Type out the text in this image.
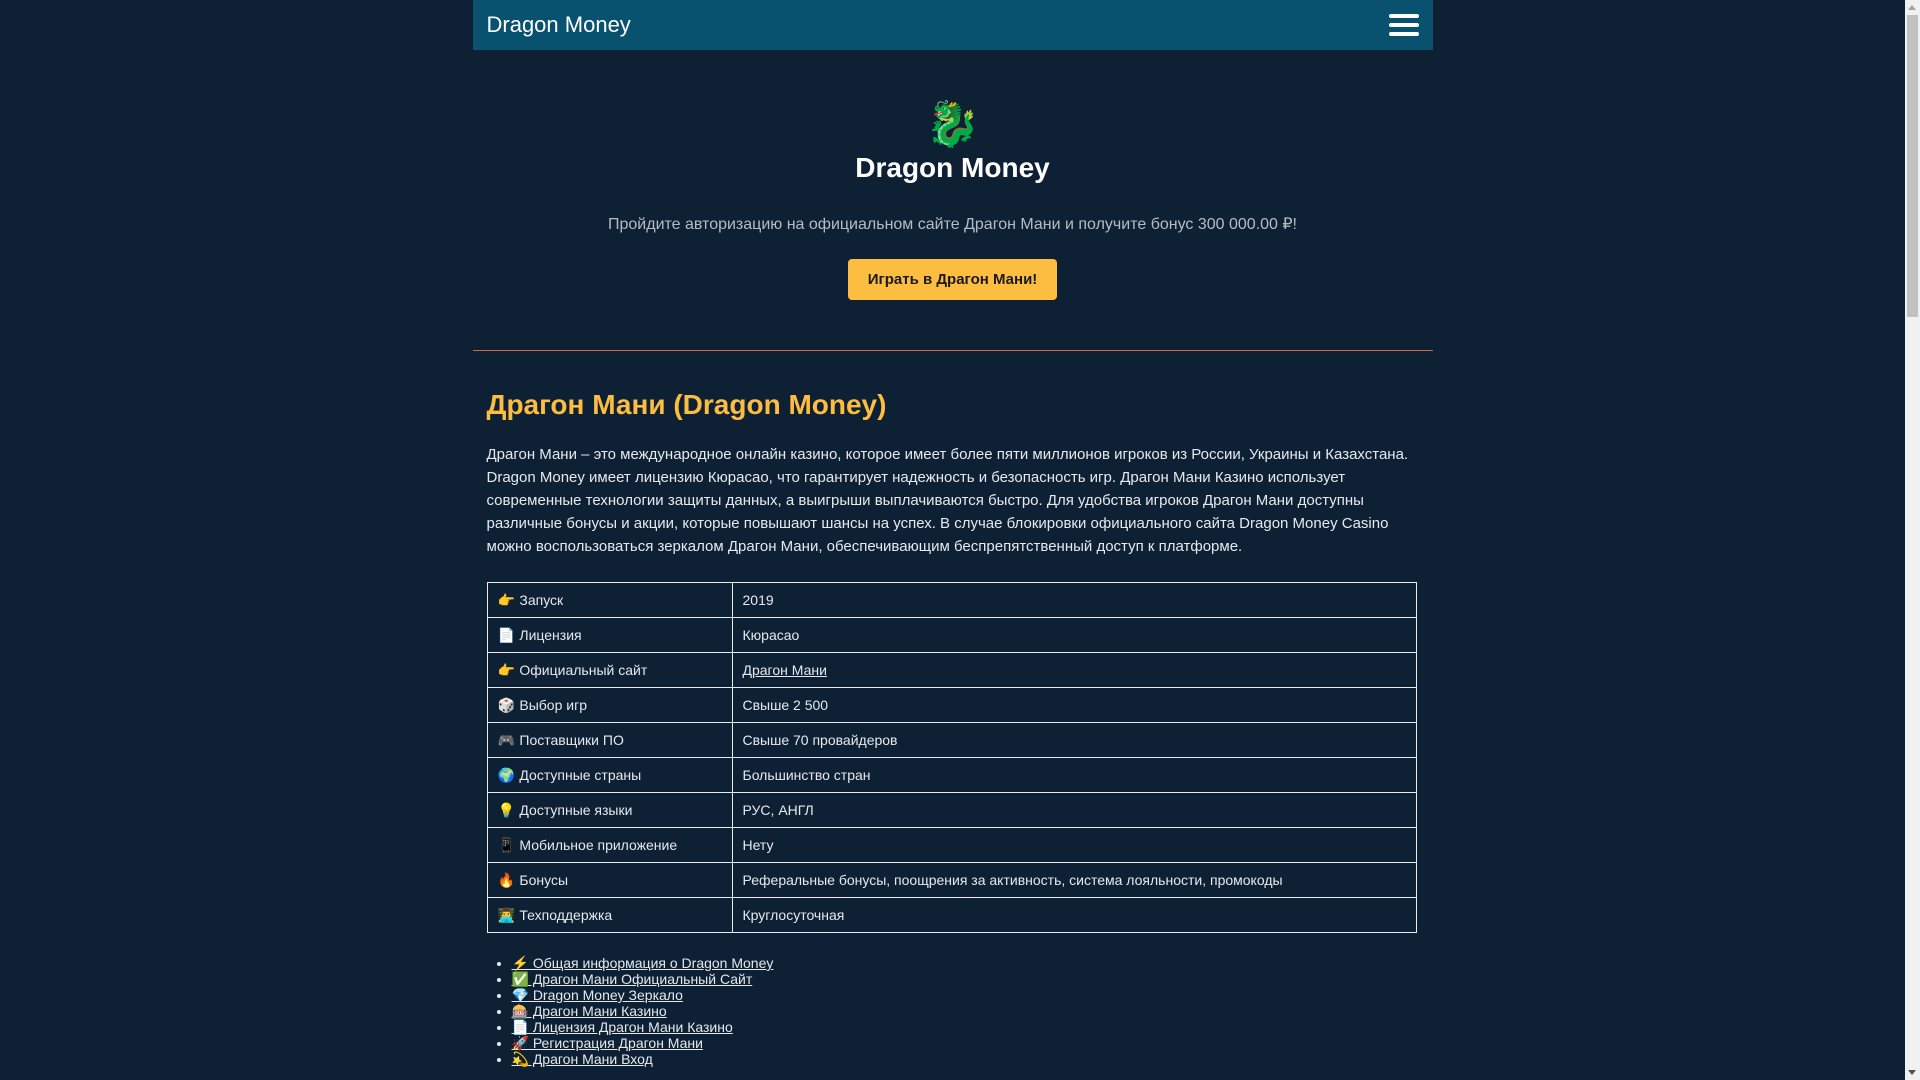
Dragon Money
🐉
Dragon Money

Пройдите авторизацию на официальном сайте Драгон Мани и получите бонус 300 000.00 ₽!

Играть в Драгон Мани!
Драгон Мани (Dragon Money)

Драгон Мани – это международное онлайн казино, которое имеет более пяти миллионов игроков из России, Украины и Казахстана. Dragon Money имеет лицензию Кюрасао, что гарантирует надежность и безопасность игр. Драгон Мани Казино использует современные технологии защиты данных, а выигрыши выплачиваются быстро. Для удобства игроков Драгон Мани доступны различные бонусы и акции, которые повышают шансы на успех. В случае блокировки официального сайта Dragon Money Casino можно воспользоваться зеркалом Драгон Мани, обеспечивающим беспрепятственный доступ к платформе.

👉 Запуск	2019
📄 Лицензия	Кюрасао
👉 Официальный сайт	Драгон Мани
🎲 Выбор игр	Свыше 2 500
🎮 Поставщики ПО	Свыше 70 провайдеров
🌍 Доступные страны	Большинство стран
💡 Доступные языки	РУС, АНГЛ
📱 Мобильное приложение	Нету
🔥 Бонусы	Реферальные бонусы, поощрения за активность, система лояльности, промокоды
👨‍💻 Техподдержка	Круглосуточная
• ⚡ Общая информация о Dragon Money
• ✅ Драгон Мани Официальный Сайт
• 💎 Dragon Money Зеркало
• 🎰 Драгон Мани Казино
• 📄 Лицензия Драгон Мани Казино
• 🚀 Регистрация Драгон Мани
• 💫 Драгон Мани Вход
